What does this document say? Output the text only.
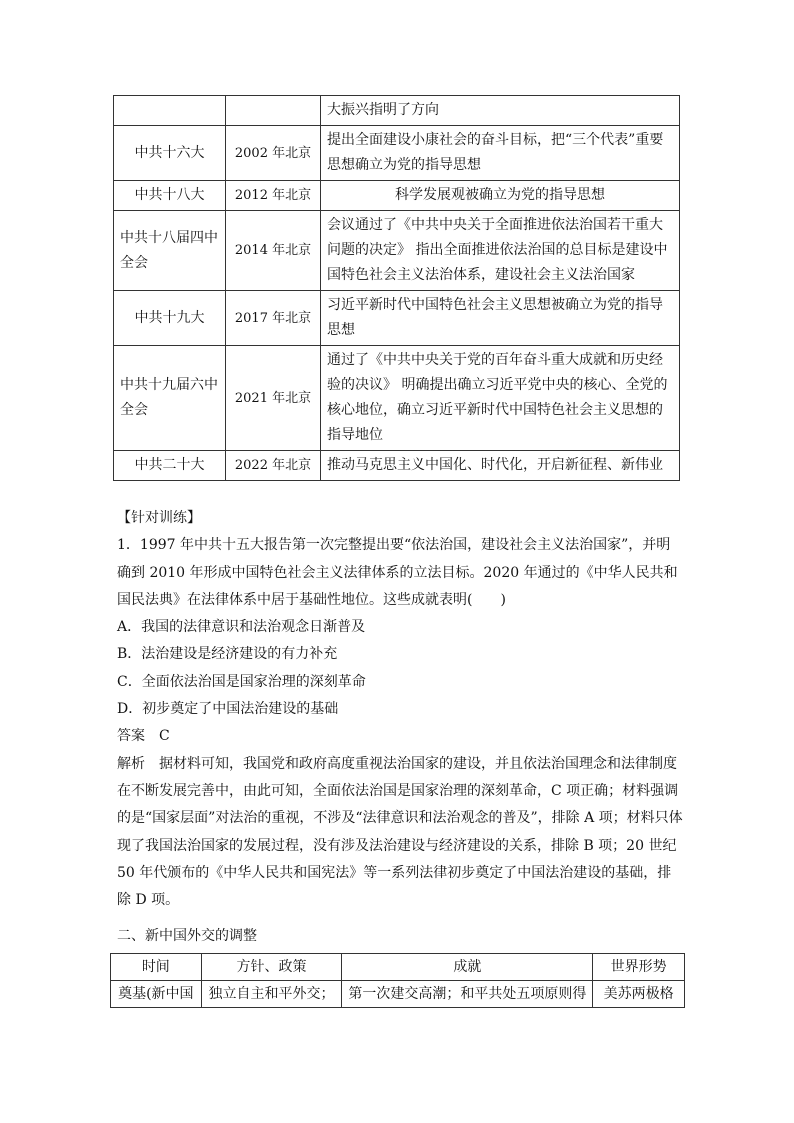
		大振兴指明了方向
中共十六大	2002 年北京	提出全面建设小康社会的奋斗目标，把“三个代表”重要思想确立为党的指导思想
中共十八大	2012 年北京	科学发展观被确立为党的指导思想
中共十八届四中全会	2014 年北京	会议通过了《中共中央关于全面推进依法治国若干重大问题的决定》 指出全面推进依法治国的总目标是建设中国特色社会主义法治体系，建设社会主义法治国家
中共十九大	2017 年北京	习近平新时代中国特色社会主义思想被确立为党的指导思想
中共十九届六中全会	2021 年北京	通过了《中共中央关于党的百年奋斗重大成就和历史经验的决议》 明确提出确立习近平党中央的核心、全党的核心地位，确立习近平新时代中国特色社会主义思想的指导地位
中共二十大	2022 年北京	推动马克思主义中国化、时代化，开启新征程、新伟业

【针对训练】

1．1997 年中共十五大报告第一次完整提出要“依法治国，建设社会主义法治国家”，并明确到 2010 年形成中国特色社会主义法律体系的立法目标。2020 年通过的《中华人民共和国民法典》在法律体系中居于基础性地位。这些成就表明(　　)

A．我国的法律意识和法治观念日渐普及

B．法治建设是经济建设的有力补充

C．全面依法治国是国家治理的深刻革命

D．初步奠定了中国法治建设的基础

答案　C

解析　据材料可知，我国党和政府高度重视法治国家的建设，并且依法治国理念和法律制度在不断发展完善中，由此可知，全面依法治国是国家治理的深刻革命，C 项正确；材料强调的是“国家层面”对法治的重视，不涉及“法律意识和法治观念的普及”，排除 A 项；材料只体现了我国法治国家的发展过程，没有涉及法治建设与经济建设的关系，排除 B 项；20 世纪 50 年代颁布的《中华人民共和国宪法》等一系列法律初步奠定了中国法治建设的基础，排除 D 项。

二、新中国外交的调整
时间	方针、政策	成就	世界形势
奠基(新中国	独立自主和平外交；	第一次建交高潮；和平共处五项原则得	美苏两极格
